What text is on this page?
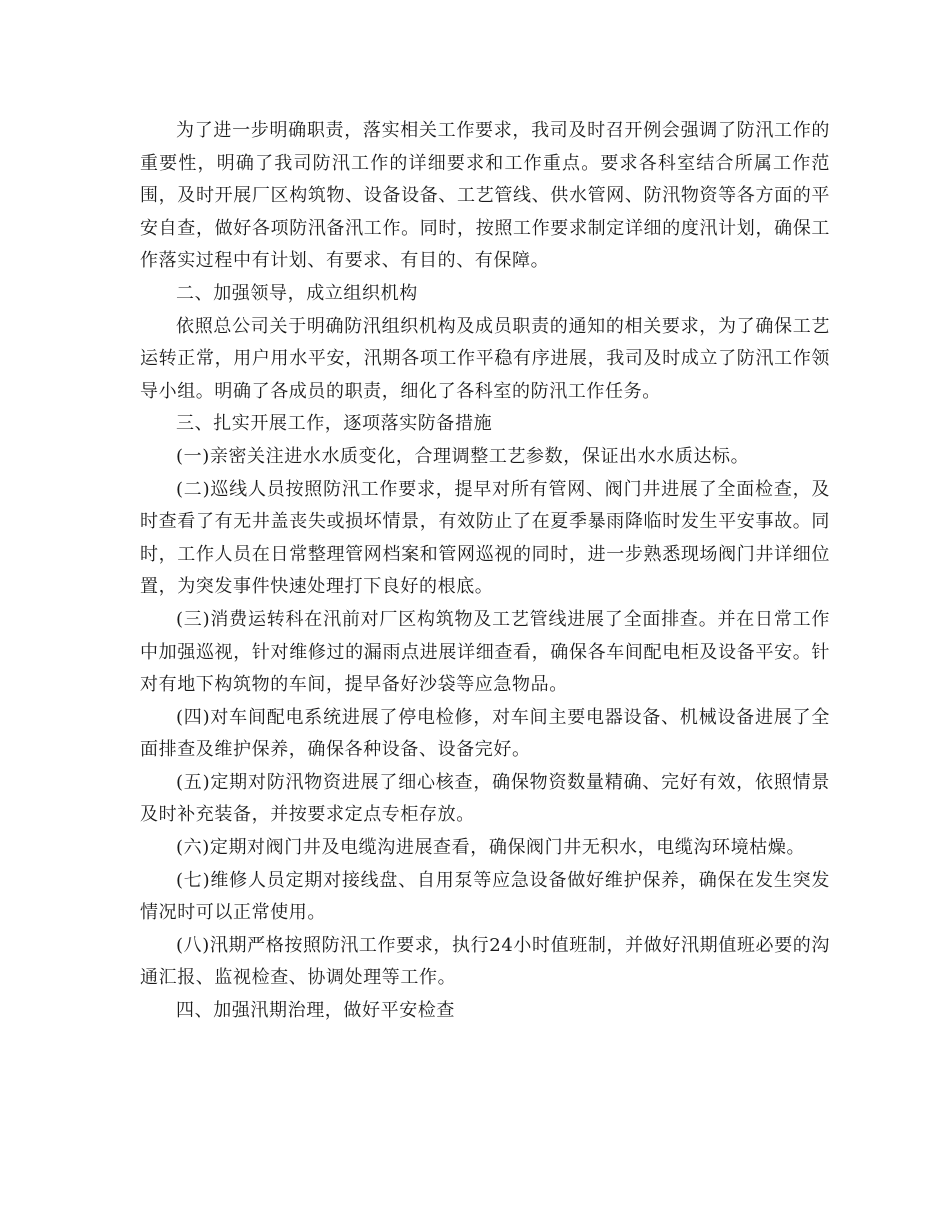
为了进一步明确职责，落实相关工作要求，我司及时召开例会强调了防汛工作的重要性，明确了我司防汛工作的详细要求和工作重点。要求各科室结合所属工作范围，及时开展厂区构筑物、设备设备、工艺管线、供水管网、防汛物资等各方面的平安自查，做好各项防汛备汛工作。同时，按照工作要求制定详细的度汛计划，确保工作落实过程中有计划、有要求、有目的、有保障。

二、加强领导，成立组织机构

依照总公司关于明确防汛组织机构及成员职责的通知的相关要求，为了确保工艺运转正常，用户用水平安，汛期各项工作平稳有序进展，我司及时成立了防汛工作领导小组。明确了各成员的职责，细化了各科室的防汛工作任务。

三、扎实开展工作，逐项落实防备措施

(一)亲密关注进水水质变化，合理调整工艺参数，保证出水水质达标。

(二)巡线人员按照防汛工作要求，提早对所有管网、阀门井进展了全面检查，及时查看了有无井盖丧失或损坏情景，有效防止了在夏季暴雨降临时发生平安事故。同时，工作人员在日常整理管网档案和管网巡视的同时，进一步熟悉现场阀门井详细位置，为突发事件快速处理打下良好的根底。

(三)消费运转科在汛前对厂区构筑物及工艺管线进展了全面排查。并在日常工作中加强巡视，针对维修过的漏雨点进展详细查看，确保各车间配电柜及设备平安。针对有地下构筑物的车间，提早备好沙袋等应急物品。

(四)对车间配电系统进展了停电检修，对车间主要电器设备、机械设备进展了全面排查及维护保养，确保各种设备、设备完好。

(五)定期对防汛物资进展了细心核查，确保物资数量精确、完好有效，依照情景及时补充装备，并按要求定点专柜存放。

(六)定期对阀门井及电缆沟进展查看，确保阀门井无积水，电缆沟环境枯燥。

(七)维修人员定期对接线盘、自用泵等应急设备做好维护保养，确保在发生突发情况时可以正常使用。

(八)汛期严格按照防汛工作要求，执行24小时值班制，并做好汛期值班必要的沟通汇报、监视检查、协调处理等工作。

四、加强汛期治理，做好平安检查
